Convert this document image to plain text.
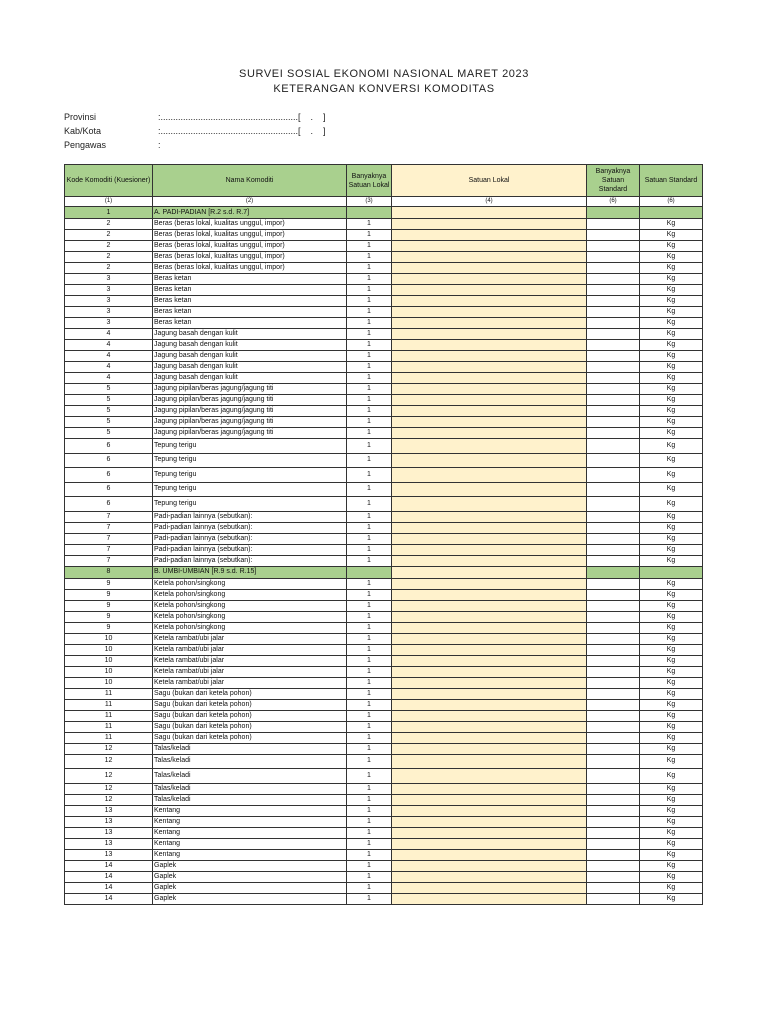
SURVEI SOSIAL EKONOMI NASIONAL MARET 2023
KETERANGAN KONVERSI KOMODITAS
Provinsi	:.......................................................[    .    ]
Kab/Kota	:.......................................................[    .    ]
Pengawas	:
Kode Komoditi (Kuesioner)	Nama Komoditi	Banyaknya Satuan Lokal	Satuan Lokal	Banyaknya Satuan Standard	Satuan Standard
(1)	(2)	(3)	(4)	(6)	(6)
1	A. PADI-PADIAN [R.2 s.d. R.7]				
2	Beras (beras lokal, kualitas unggul, impor)	1			Kg
2	Beras (beras lokal, kualitas unggul, impor)	1			Kg
2	Beras (beras lokal, kualitas unggul, impor)	1			Kg
2	Beras (beras lokal, kualitas unggul, impor)	1			Kg
2	Beras (beras lokal, kualitas unggul, impor)	1			Kg
3	Beras ketan	1			Kg
3	Beras ketan	1			Kg
3	Beras ketan	1			Kg
3	Beras ketan	1			Kg
3	Beras ketan	1			Kg
4	Jagung basah dengan kulit	1			Kg
4	Jagung basah dengan kulit	1			Kg
4	Jagung basah dengan kulit	1			Kg
4	Jagung basah dengan kulit	1			Kg
4	Jagung basah dengan kulit	1			Kg
5	Jagung pipilan/beras jagung/jagung titi	1			Kg
5	Jagung pipilan/beras jagung/jagung titi	1			Kg
5	Jagung pipilan/beras jagung/jagung titi	1			Kg
5	Jagung pipilan/beras jagung/jagung titi	1			Kg
5	Jagung pipilan/beras jagung/jagung titi	1			Kg
6	Tepung terigu	1			Kg
6	Tepung terigu	1			Kg
6	Tepung terigu	1			Kg
6	Tepung terigu	1			Kg
6	Tepung terigu	1			Kg
7	Padi-padian lainnya (sebutkan):	1			Kg
7	Padi-padian lainnya (sebutkan):	1			Kg
7	Padi-padian lainnya (sebutkan):	1			Kg
7	Padi-padian lainnya (sebutkan):	1			Kg
7	Padi-padian lainnya (sebutkan):	1			Kg
8	B. UMBI-UMBIAN [R.9 s.d. R.15]				
9	Ketela pohon/singkong	1			Kg
9	Ketela pohon/singkong	1			Kg
9	Ketela pohon/singkong	1			Kg
9	Ketela pohon/singkong	1			Kg
9	Ketela pohon/singkong	1			Kg
10	Ketela rambat/ubi jalar	1			Kg
10	Ketela rambat/ubi jalar	1			Kg
10	Ketela rambat/ubi jalar	1			Kg
10	Ketela rambat/ubi jalar	1			Kg
10	Ketela rambat/ubi jalar	1			Kg
11	Sagu (bukan dari ketela pohon)	1			Kg
11	Sagu (bukan dari ketela pohon)	1			Kg
11	Sagu (bukan dari ketela pohon)	1			Kg
11	Sagu (bukan dari ketela pohon)	1			Kg
11	Sagu (bukan dari ketela pohon)	1			Kg
12	Talas/keladi	1			Kg
12	Talas/keladi	1			Kg
12	Talas/keladi	1			Kg
12	Talas/keladi	1			Kg
12	Talas/keladi	1			Kg
13	Kentang	1			Kg
13	Kentang	1			Kg
13	Kentang	1			Kg
13	Kentang	1			Kg
13	Kentang	1			Kg
14	Gaplek	1			Kg
14	Gaplek	1			Kg
14	Gaplek	1			Kg
14	Gaplek	1			Kg
